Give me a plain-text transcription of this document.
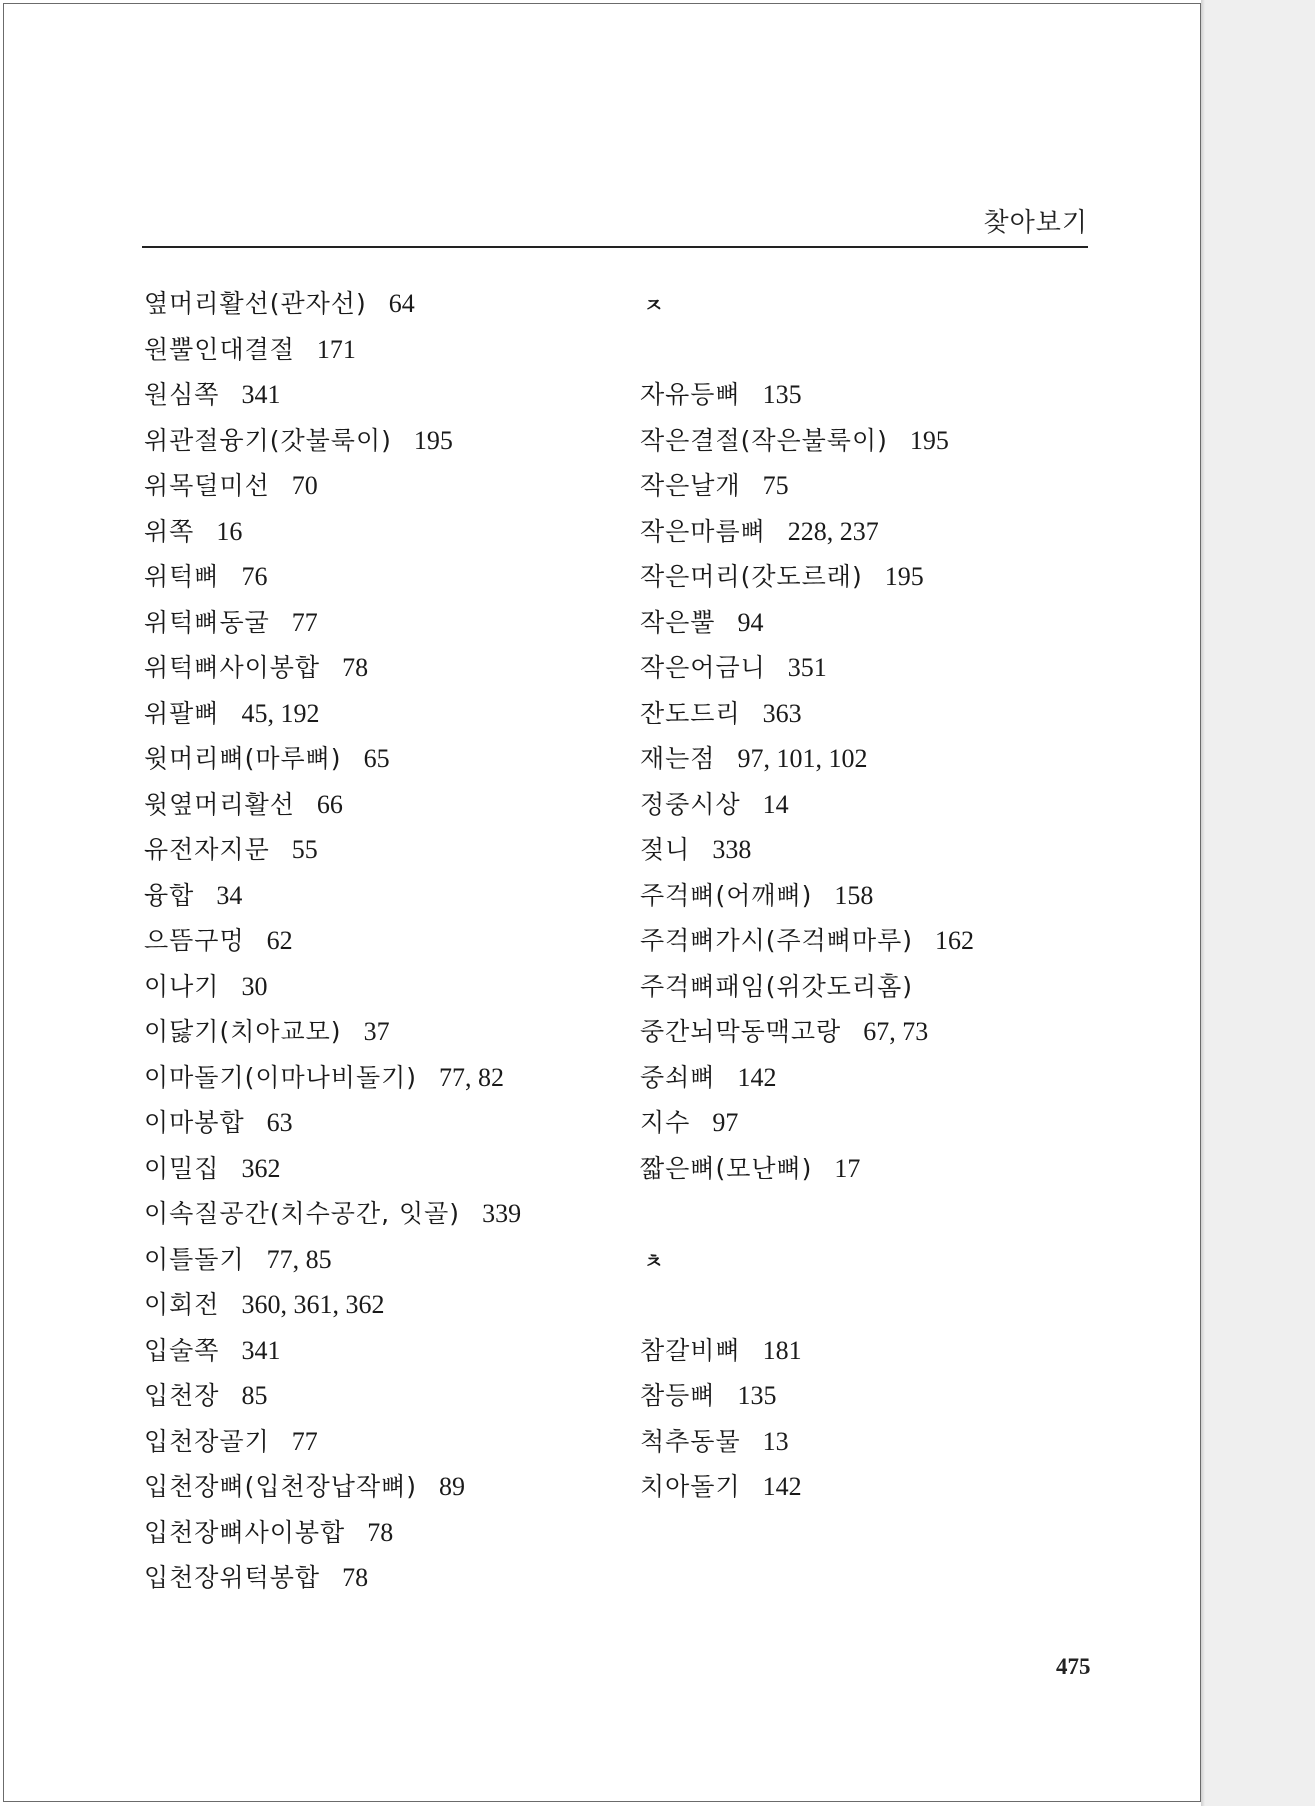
찾아보기
옆머리활선(관자선) 64
원뿔인대결절 171
원심쪽 341
위관절융기(갓불룩이) 195
위목덜미선 70
위쪽 16
위턱뼈 76
위턱뼈동굴 77
위턱뼈사이봉합 78
위팔뼈 45, 192
윗머리뼈(마루뼈) 65
윗옆머리활선 66
유전자지문 55
융합 34
으뜸구멍 62
이나기 30
이닳기(치아교모) 37
이마돌기(이마나비돌기) 77, 82
이마봉합 63
이밀집 362
이속질공간(치수공간, 잇골) 339
이틀돌기 77, 85
이회전 360, 361, 362
입술쪽 341
입천장 85
입천장골기 77
입천장뼈(입천장납작뼈) 89
입천장뼈사이봉합 78
입천장위턱봉합 78
ㅈ
자유등뼈 135
작은결절(작은불룩이) 195
작은날개 75
작은마름뼈 228, 237
작은머리(갓도르래) 195
작은뿔 94
작은어금니 351
잔도드리 363
재는점 97, 101, 102
정중시상 14
젖니 338
주걱뼈(어깨뼈) 158
주걱뼈가시(주걱뼈마루) 162
주걱뼈패임(위갓도리홈)
중간뇌막동맥고랑 67, 73
중쇠뼈 142
지수 97
짧은뼈(모난뼈) 17
ㅊ
참갈비뼈 181
참등뼈 135
척추동물 13
치아돌기 142
475
